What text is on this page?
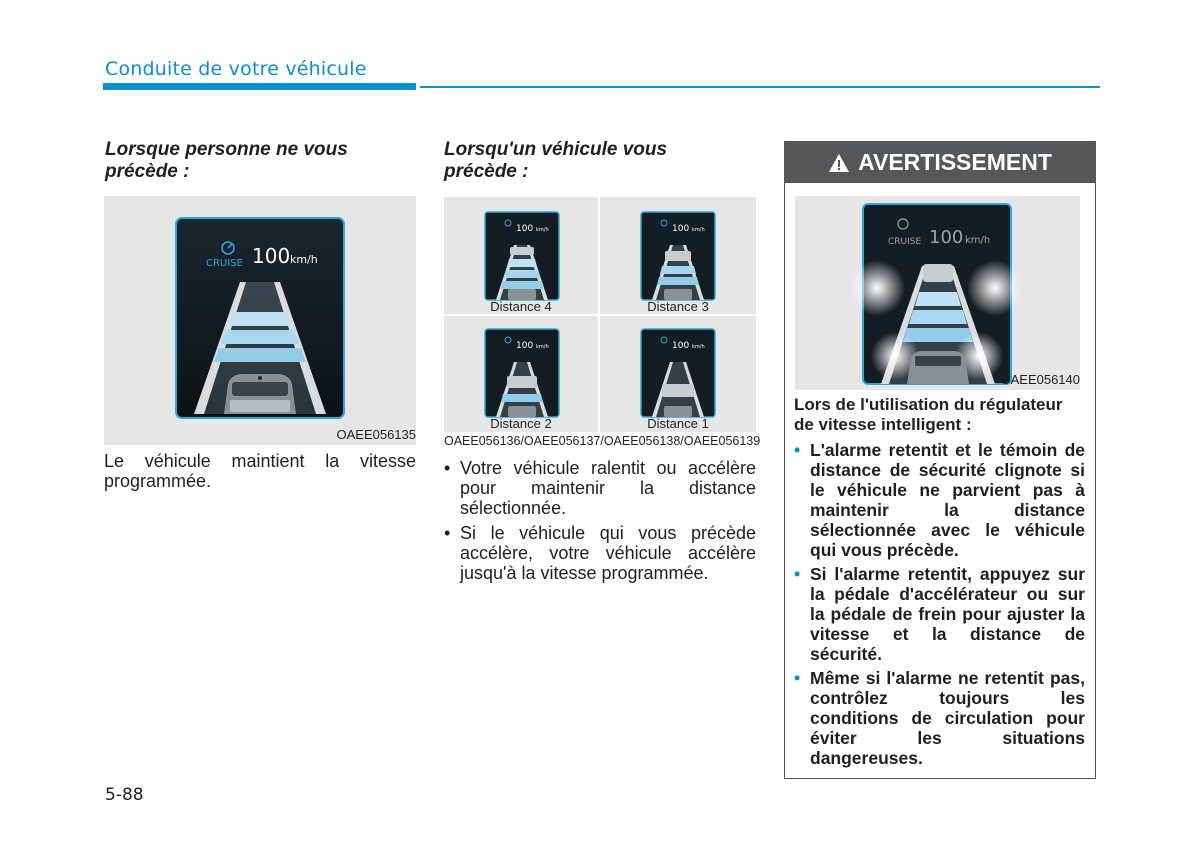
Conduite de votre véhicule
Lorsque personne ne vous précède :
CRUISE 100 km/h
OAEE056135
Le véhicule maintient la vitesse programmée.
Lorsqu'un véhicule vous précède :
100 km/h
Distance 4
100 km/h
Distance 3
100 km/h
Distance 2
100 km/h
Distance 1
OAEE056136/OAEE056137/OAEE056138/OAEE056139
• Votre véhicule ralentit ou accélère pour maintenir la distance sélectionnée.
• Si le véhicule qui vous précède accélère, votre véhicule accélère jusqu'à la vitesse programmée.
AVERTISSEMENT
CRUISE 100 km/h
OAEE056140
Lors de l'utilisation du régulateur de vitesse intelligent :
• L'alarme retentit et le témoin de distance de sécurité clignote si le véhicule ne parvient pas à maintenir la distance sélectionnée avec le véhicule qui vous précède.
• Si l'alarme retentit, appuyez sur la pédale d'accélérateur ou sur la pédale de frein pour ajuster la vitesse et la distance de sécurité.
• Même si l'alarme ne retentit pas, contrôlez toujours les conditions de circulation pour éviter les situations dangereuses.
5-88
